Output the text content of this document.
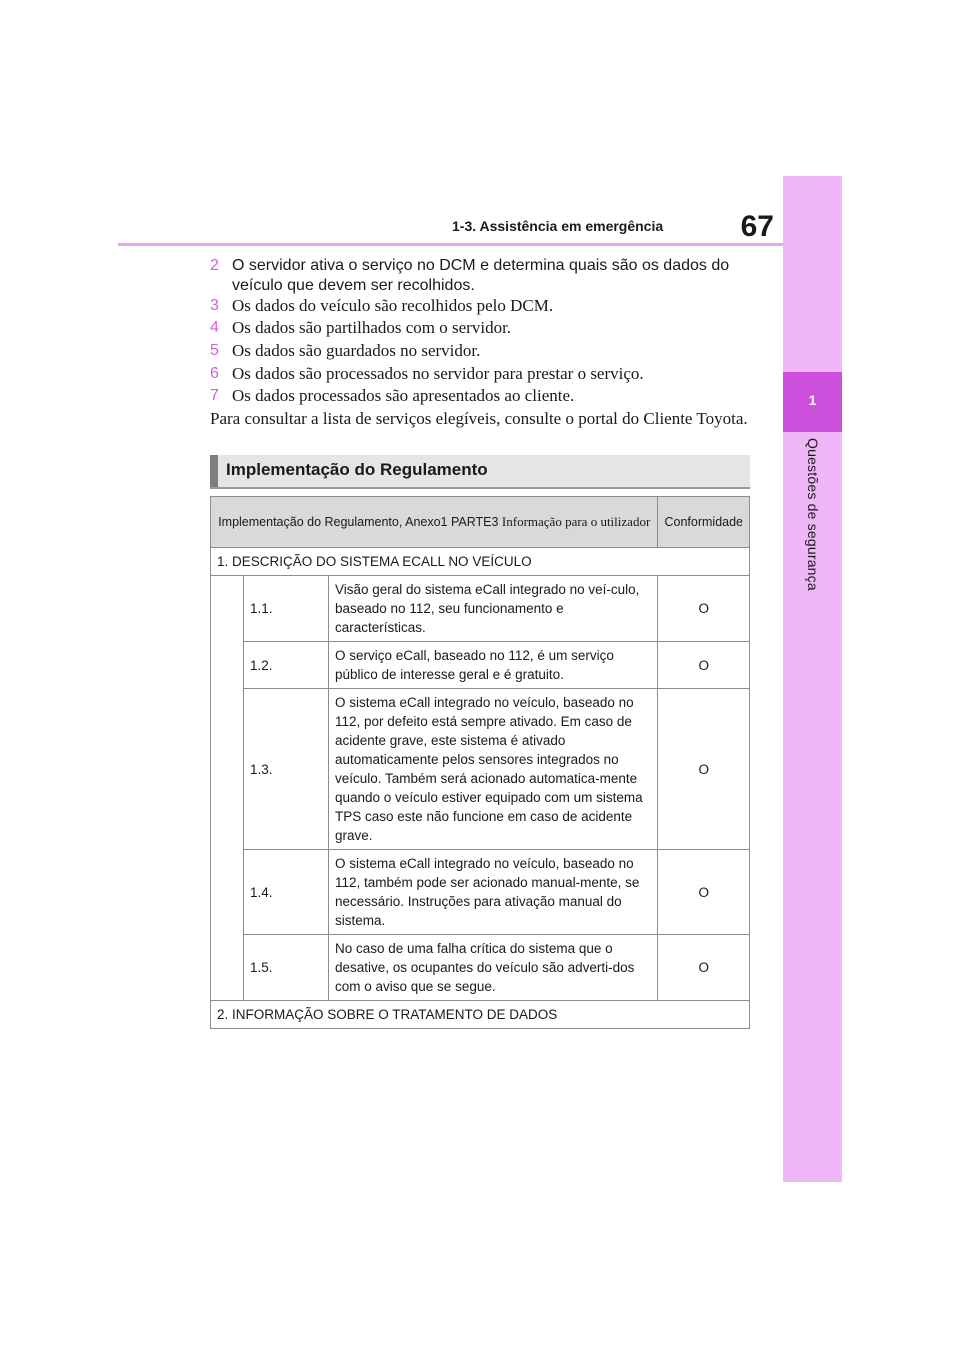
1
Questões de segurança
1-3. Assistência em emergência	67
2 O servidor ativa o serviço no DCM e determina quais são os dados do veículo que devem ser recolhidos.
3 Os dados do veículo são recolhidos pelo DCM.
4 Os dados são partilhados com o servidor.
5 Os dados são guardados no servidor.
6 Os dados são processados no servidor para prestar o serviço.
7 Os dados processados são apresentados ao cliente.
Para consultar a lista de serviços elegíveis, consulte o portal do Cliente Toyota.
Implementação do Regulamento
Implementação do Regulamento, Anexo1 PARTE3 Informação para o utilizador			Conformidade
1. DESCRIÇÃO DO SISTEMA ECALL NO VEÍCULO			
	1.1.	Visão geral do sistema eCall integrado no veí-culo, baseado no 112, seu funcionamento e características.	O
	1.2.	O serviço eCall, baseado no 112, é um serviço público de interesse geral e é gratuito.	O
	1.3.	O sistema eCall integrado no veículo, baseado no 112, por defeito está sempre ativado. Em caso de acidente grave, este sistema é ativado automaticamente pelos sensores integrados no veículo. Também será acionado automatica-mente quando o veículo estiver equipado com um sistema TPS caso este não funcione em caso de acidente grave.	O
	1.4.	O sistema eCall integrado no veículo, baseado no 112, também pode ser acionado manual-mente, se necessário. Instruções para ativação manual do sistema.	O
	1.5.	No caso de uma falha crítica do sistema que o desative, os ocupantes do veículo são adverti-dos com o aviso que se segue.	O
2. INFORMAÇÃO SOBRE O TRATAMENTO DE DADOS			
